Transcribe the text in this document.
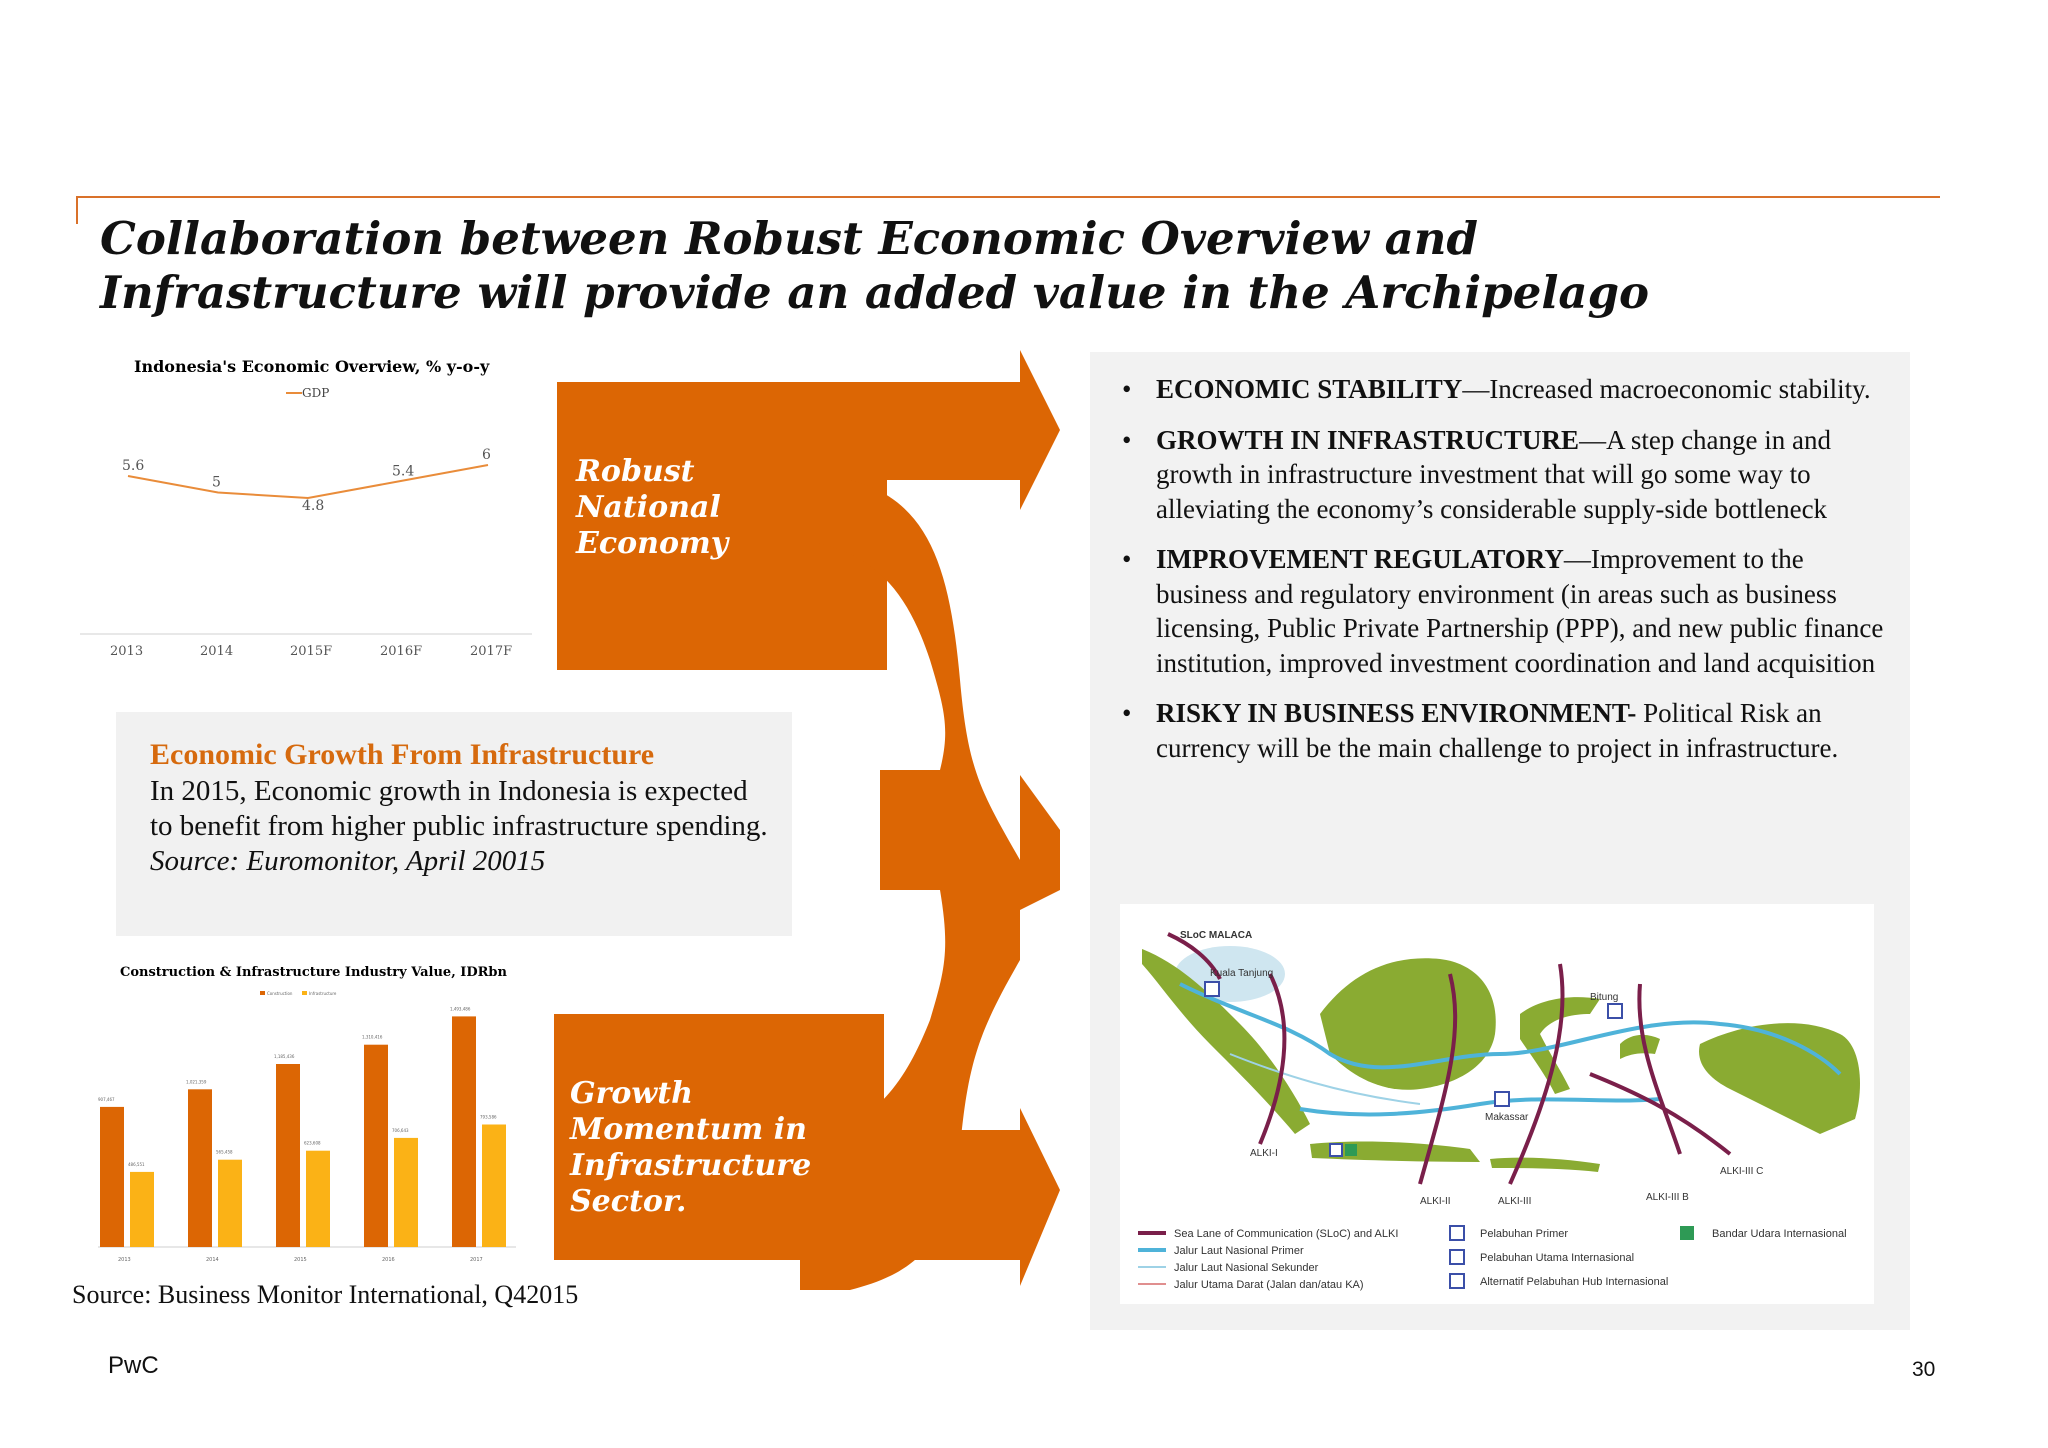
Collaboration between Robust Economic Overview and Infrastructure will provide an added value in the Archipelago
Robust
National
Economy
Growth
Momentum in
Infrastructure
Sector.
Indonesia's Economic Overview, % y-o-y
GDP
5.6
5
4.8
5.4
6
2013	2014	2015F	2016F	2017F
Economic Growth From Infrastructure
In 2015, Economic growth in Indonesia is expected to benefit from higher public infrastructure spending.
Source: Euromonitor, April 20015
Construction & Infrastructure Industry Value, IDRbn
Construction	Infrastructure
907,467
486,551
2013
1,021,359
565,458
2014
1,185,436
623,608
2015
1,310,416
706,643
2016
1,493,486
793,586
2017
Source: Business Monitor International, Q42015
• ECONOMIC STABILITY—Increased macroeconomic stability.
• GROWTH IN INFRASTRUCTURE—A step change in and growth in infrastructure investment that will go some way to alleviating the economy’s considerable supply-side bottleneck
• IMPROVEMENT REGULATORY—Improvement to the business and regulatory environment (in areas such as business licensing, Public Private Partnership (PPP), and new public finance institution, improved investment coordination and land acquisition
• RISKY IN BUSINESS ENVIRONMENT- Political Risk an currency will be the main challenge to project in infrastructure.
SLoC MALACA
Kuala Tanjung
Bitung
Makassar
ALKI-I
ALKI-II	ALKI-III	ALKI-III B
ALKI-III C
Sea Lane of Communication (SLoC) and ALKI
Jalur Laut Nasional Primer
Jalur Laut Nasional Sekunder
Jalur Utama Darat (Jalan dan/atau KA)
Pelabuhan Primer
Pelabuhan Utama Internasional
Alternatif Pelabuhan Hub Internasional
Bandar Udara Internasional
PwC	30
